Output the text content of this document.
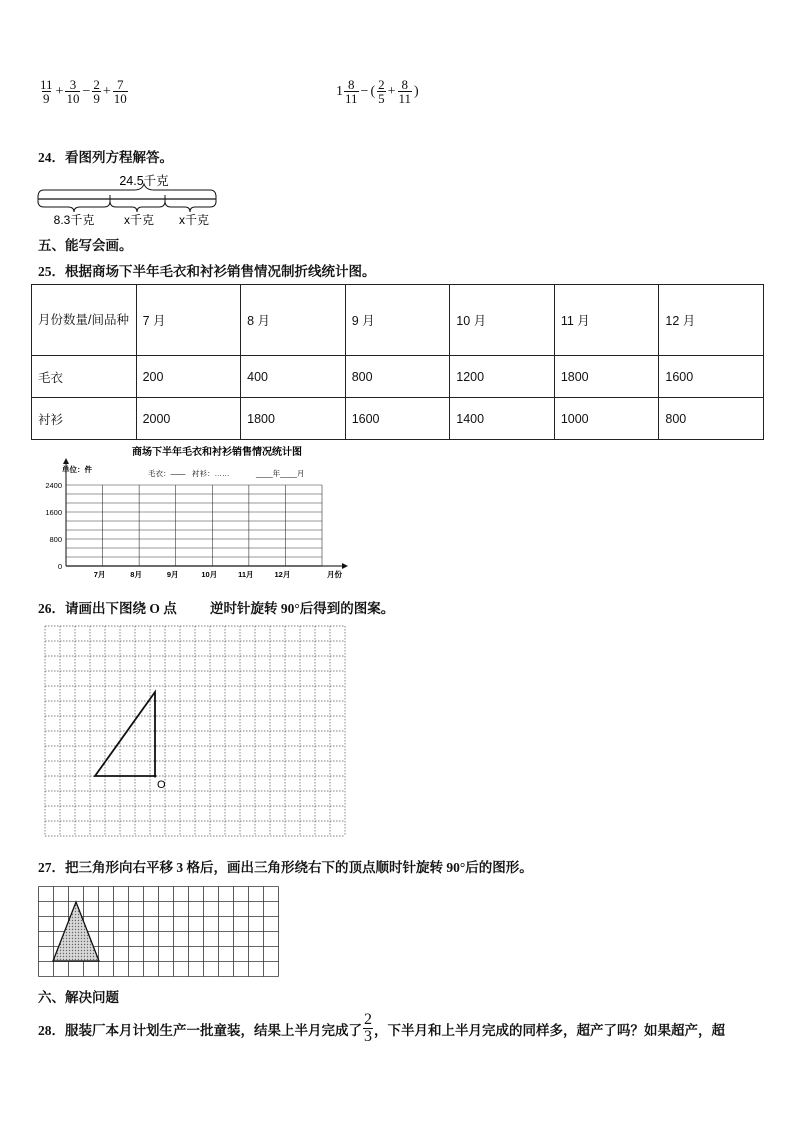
$\frac{11}{9} + \frac{3}{10} - \frac{2}{9} + \frac{7}{10}$	$1 \frac{8}{11}$ − ( $\frac{2}{5} + \frac{8}{11}$ )
24．看图列方程解答。
24.5千克
8.3千克 x千克 x千克
五、能写会画。
25．根据商场下半年毛衣和衬衫销售情况制折线统计图。
月份数量/间品种	7 月	8 月	9 月	10 月	11 月	12 月
毛衣	200	400	800	1200	1800	1600
衬衫	2000	1800	1600	1400	1000	800
商场下半年毛衣和衬衫销售情况统计图
单位：件	毛衣：—— 衬衫：……	____年____月
0
800
1600
2400
7月	8月	9月	10月	11月	12月	月份
26．请画出下图绕 O 点 逆时针旋转 90°后得到的图案。
O
27．把三角形向右平移 3 格后，画出三角形绕右下的顶点顺时针旋转 90°后的图形。
六、解决问题
28．服装厂本月计划生产一批童装，结果上半月完成了 $\frac{2}{3}$ ，下半月和上半月完成的同样多，超产了吗？如果超产，超
